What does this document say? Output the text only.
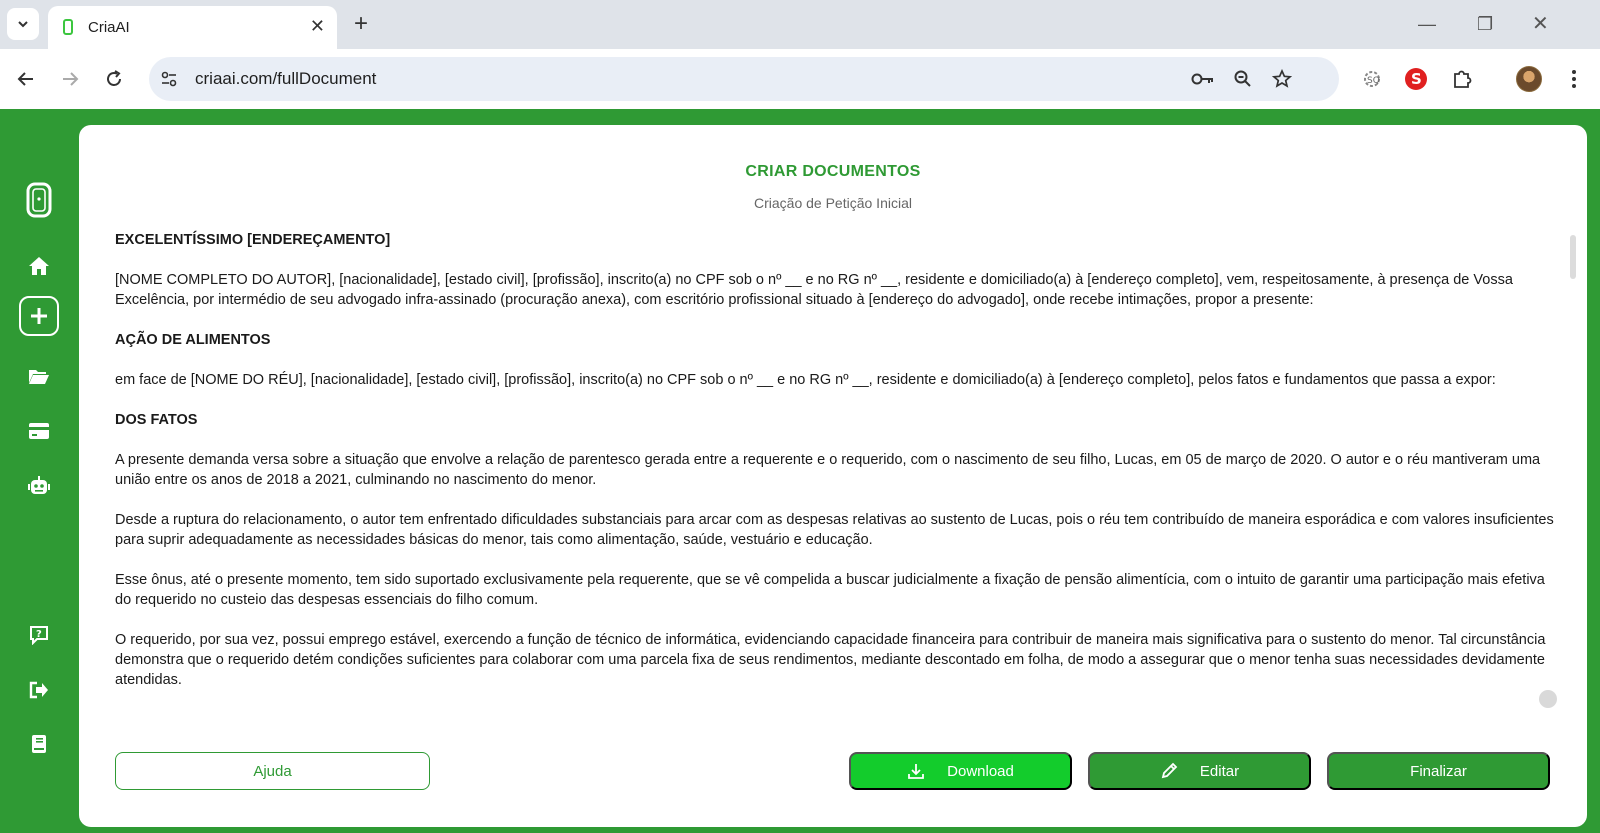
CriaAI	✕ +	— ❐ ✕
criaai.com/fullDocument	SQ S
?
CRIAR DOCUMENTOS
Criação de Petição Inicial

EXCELENTÍSSIMO [ENDEREÇAMENTO]

[NOME COMPLETO DO AUTOR], [nacionalidade], [estado civil], [profissão], inscrito(a) no CPF sob o nº __ e no RG nº __, residente e domiciliado(a) à [endereço completo], vem, respeitosamente, à presença de Vossa Excelência, por intermédio de seu advogado infra-assinado (procuração anexa), com escritório profissional situado à [endereço do advogado], onde recebe intimações, propor a presente:

AÇÃO DE ALIMENTOS

em face de [NOME DO RÉU], [nacionalidade], [estado civil], [profissão], inscrito(a) no CPF sob o nº __ e no RG nº __, residente e domiciliado(a) à [endereço completo], pelos fatos e fundamentos que passa a expor:

DOS FATOS

A presente demanda versa sobre a situação que envolve a relação de parentesco gerada entre a requerente e o requerido, com o nascimento de seu filho, Lucas, em 05 de março de 2020. O autor e o réu mantiveram uma união entre os anos de 2018 a 2021, culminando no nascimento do menor.

Desde a ruptura do relacionamento, o autor tem enfrentado dificuldades substanciais para arcar com as despesas relativas ao sustento de Lucas, pois o réu tem contribuído de maneira esporádica e com valores insuficientes para suprir adequadamente as necessidades básicas do menor, tais como alimentação, saúde, vestuário e educação.

Esse ônus, até o presente momento, tem sido suportado exclusivamente pela requerente, que se vê compelida a buscar judicialmente a fixação de pensão alimentícia, com o intuito de garantir uma participação mais efetiva do requerido no custeio das despesas essenciais do filho comum.

O requerido, por sua vez, possui emprego estável, exercendo a função de técnico de informática, evidenciando capacidade financeira para contribuir de maneira mais significativa para o sustento do menor. Tal circunstância demonstra que o requerido detém condições suficientes para colaborar com uma parcela fixa de seus rendimentos, mediante descontado em folha, de modo a assegurar que o menor tenha suas necessidades devidamente atendidas.

Ajuda	Download	Editar	Finalizar
